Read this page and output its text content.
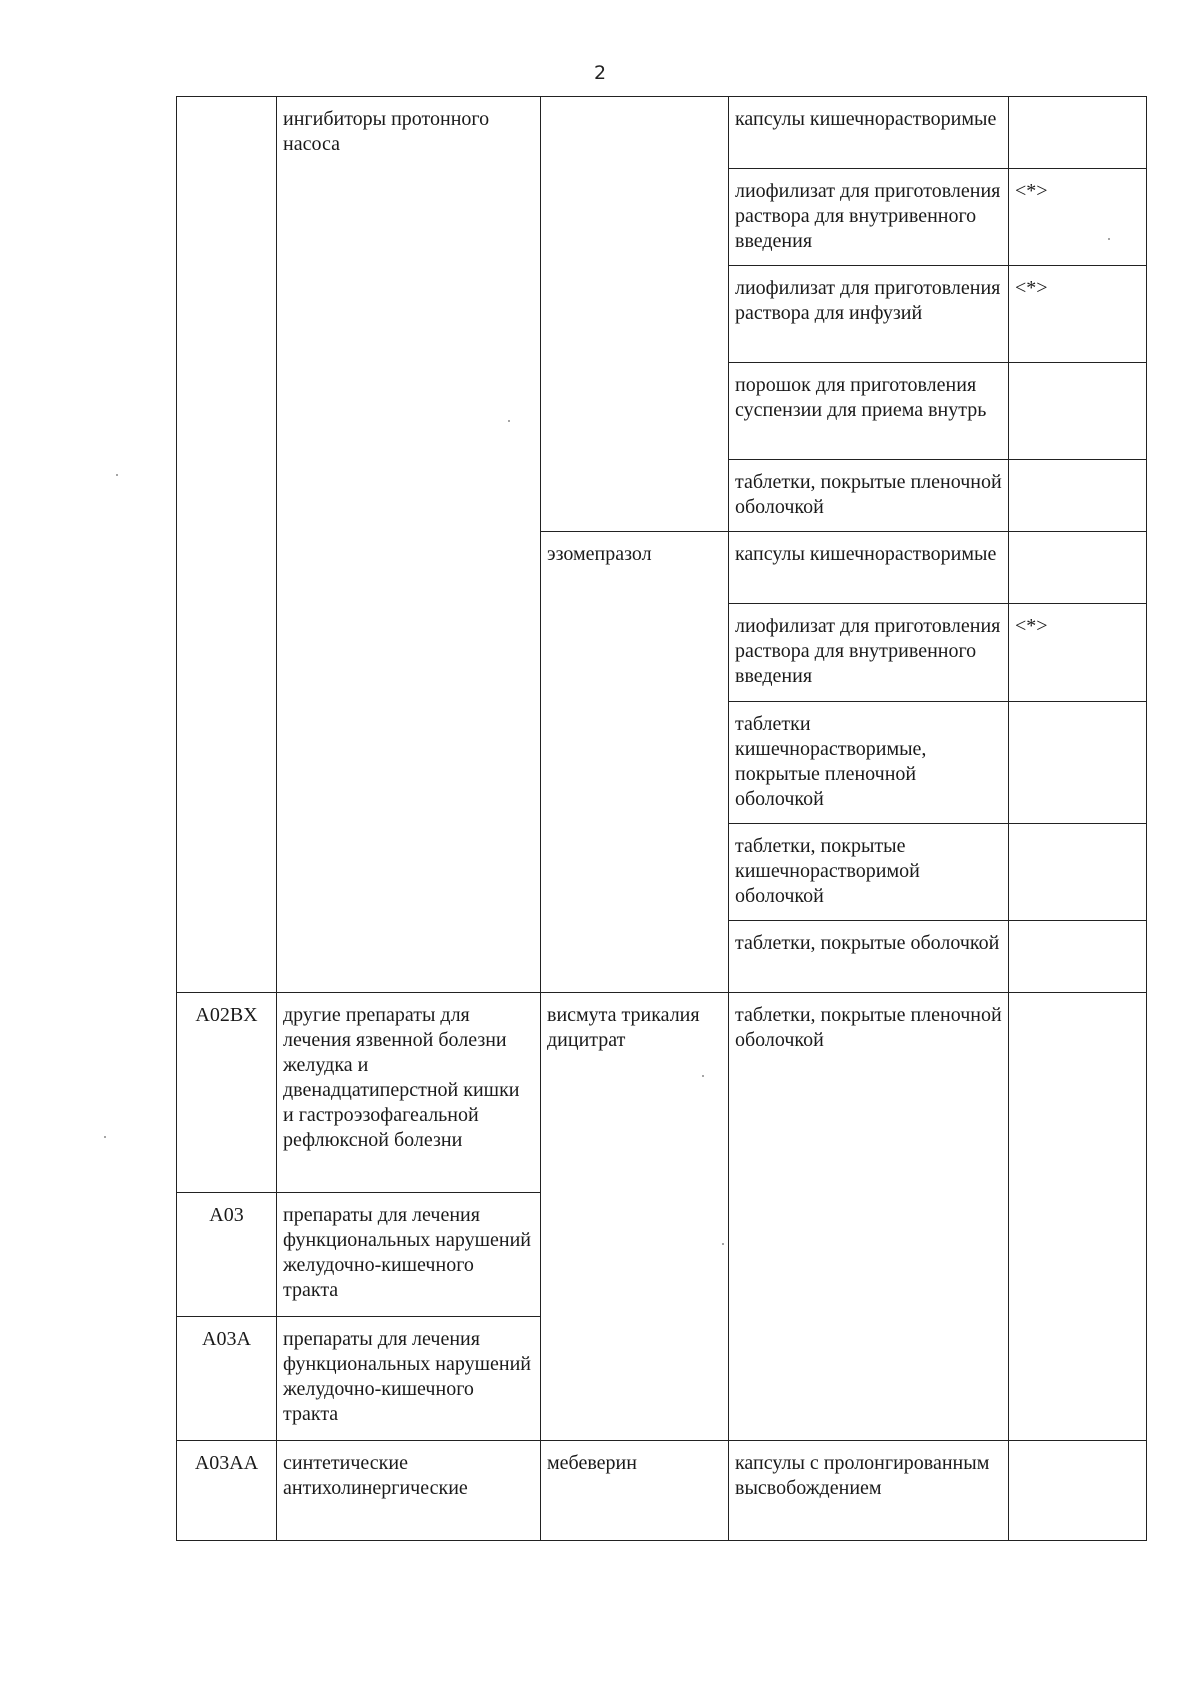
2
	ингибиторы протонного насоса		капсулы кишечнорастворимые	
			лиофилизат для приготовления раствора для внутривенного введения	<*>
			лиофилизат для приготовления раствора для инфузий	<*>
			порошок для приготовления суспензии для приема внутрь	
			таблетки, покрытые пленочной оболочкой	
		эзомепразол	капсулы кишечнорастворимые	
			лиофилизат для приготовления раствора для внутривенного введения	<*>
			таблетки кишечнорастворимые, покрытые пленочной оболочкой	
			таблетки, покрытые кишечнорастворимой оболочкой	
			таблетки, покрытые оболочкой	
A02BX	другие препараты для лечения язвенной болезни желудка и двенадцатиперстной кишки и гастроэзофагеальной рефлюксной болезни	висмута трикалия дицитрат	таблетки, покрытые пленочной оболочкой	
A03	препараты для лечения функциональных нарушений желудочно-кишечного тракта			
A03A	препараты для лечения функциональных нарушений желудочно-кишечного тракта			
A03AA	синтетические антихолинергические	мебеверин	капсулы с пролонгированным высвобождением	
